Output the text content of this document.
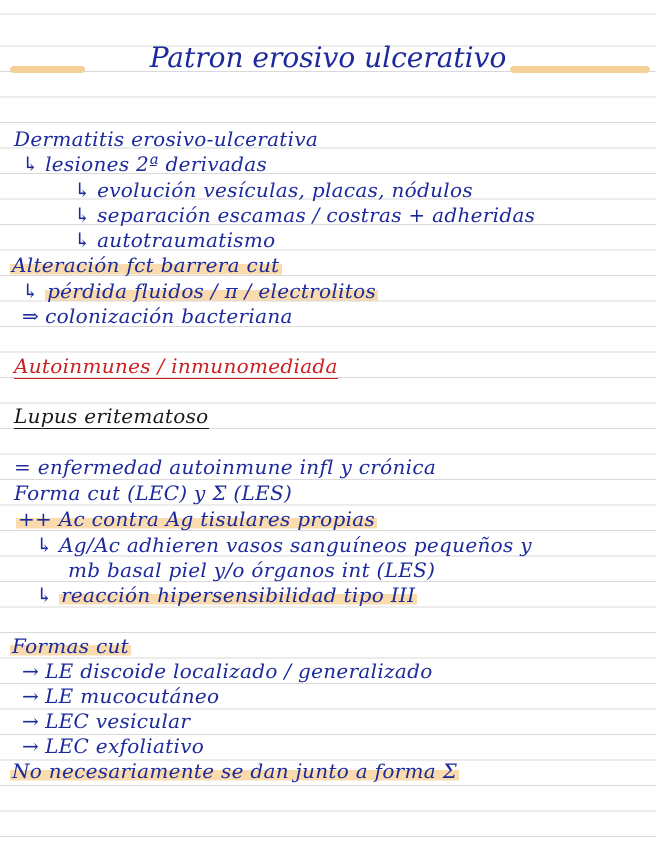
Patron erosivo ulcerativo
Dermatitis erosivo-ulcerativa
↳ lesiones 2ª derivadas
↳ evolución vesículas, placas, nódulos
↳ separación escamas / costras + adheridas
↳ autotraumatismo
Alteración fct barrera cut
↳ pérdida fluidos / π / electrolitos
⇒ colonización bacteriana
Autoinmunes / inmunomediada
Lupus eritematoso
= enfermedad autoinmune infl y crónica
Forma cut (LEC) y Σ (LES)
++ Ac contra Ag tisulares propias
↳ Ag/Ac adhieren vasos sanguíneos pequeños y
mb basal piel y/o órganos int (LES)
↳ reacción hipersensibilidad tipo III
Formas cut
→ LE discoide localizado / generalizado
→ LE mucocutáneo
→ LEC vesicular
→ LEC exfoliativo
No necesariamente se dan junto a forma Σ
